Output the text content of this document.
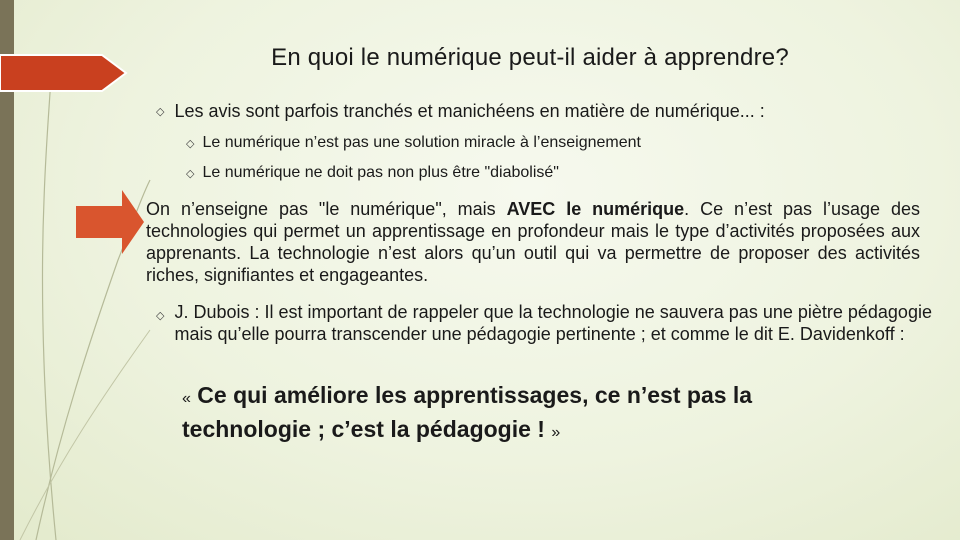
En quoi le numérique peut-il aider à apprendre?
◇ Les avis sont parfois tranchés et manichéens en matière de numérique... :
◇ Le numérique n’est pas une solution miracle à l’enseignement
◇ Le numérique ne doit pas non plus être "diabolisé"
On n’enseigne pas "le numérique", mais AVEC le numérique. Ce n’est pas l’usage des technologies qui permet un apprentissage en profondeur mais le type d’activités proposées aux apprenants. La technologie n’est alors qu’un outil qui va permettre de proposer des activités riches, signifiantes et engageantes.
◇ J. Dubois : Il est important de rappeler que la technologie ne sauvera pas une piètre pédagogie mais qu’elle pourra transcender une pédagogie pertinente ; et comme le dit E. Davidenkoff :
« Ce qui améliore les apprentissages, ce n’est pas la technologie ; c’est la pédagogie ! »
